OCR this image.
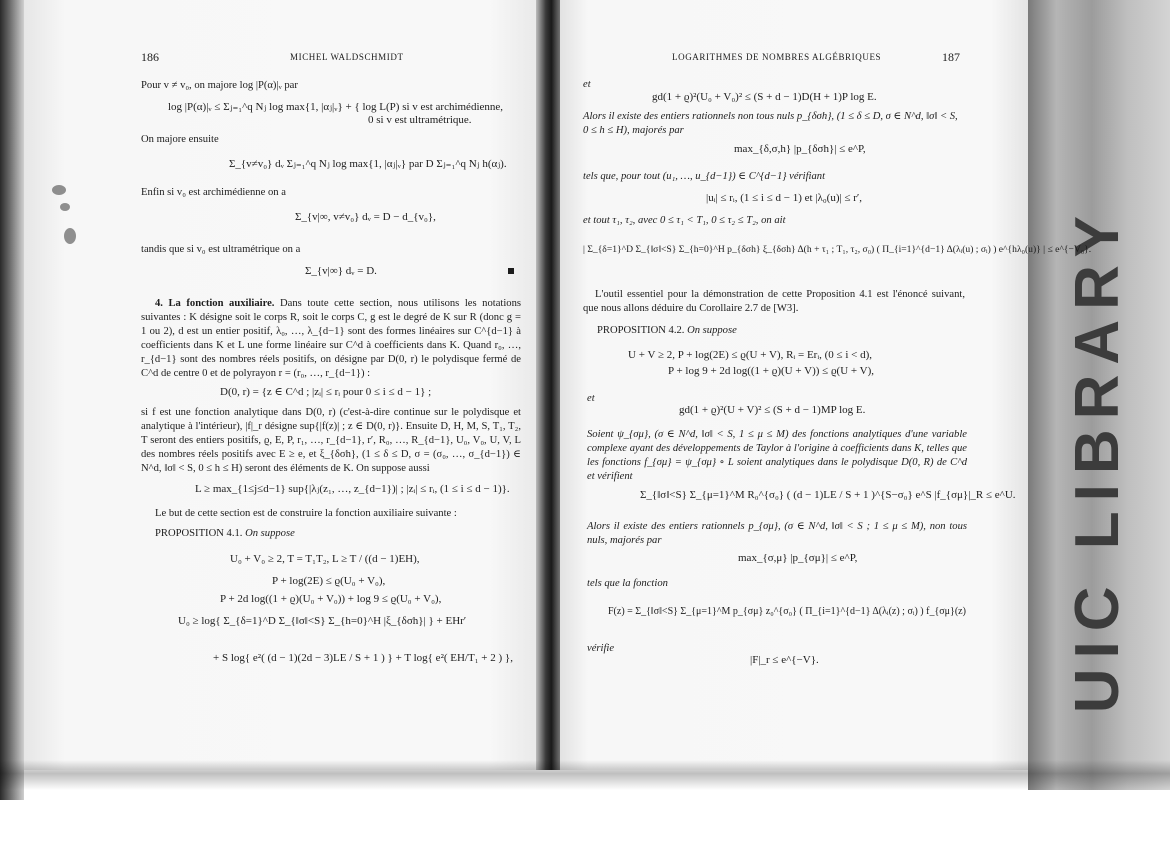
UIC LIBRARY
186	MICHEL WALDSCHMIDT
Pour v ≠ v₀, on majore log |P(α)|ᵥ par
log |P(α)|ᵥ ≤ Σⱼ₌₁^q Nⱼ log max{1, |αⱼ|ᵥ} + { log L(P) si v est archimédienne,
0 si v est ultramétrique.
On majore ensuite
Σ_{v≠v₀} dᵥ Σⱼ₌₁^q Nⱼ log max{1, |αⱼ|ᵥ} par D Σⱼ₌₁^q Nⱼ h(αⱼ).
Enfin si v₀ est archimédienne on a
Σ_{v|∞, v≠v₀} dᵥ = D − d_{v₀},
tandis que si v₀ est ultramétrique on a
Σ_{v|∞} dᵥ = D.
4. La fonction auxiliaire. Dans toute cette section, nous utilisons les notations suivantes : K désigne soit le corps R, soit le corps C, g est le degré de K sur R (donc g = 1 ou 2), d est un entier positif, λ₀, …, λ_{d−1} sont des formes linéaires sur C^{d−1} à coefficients dans K et L une forme linéaire sur C^d à coefficients dans K. Quand r₀, …, r_{d−1} sont des nombres réels positifs, on désigne par D(0, r) le polydisque fermé de C^d de centre 0 et de polyrayon r = (r₀, …, r_{d−1}) :
D(0, r) = {z ∈ C^d ; |zᵢ| ≤ rᵢ pour 0 ≤ i ≤ d − 1} ;
si f est une fonction analytique dans D(0, r) (c'est-à-dire continue sur le polydisque et analytique à l'intérieur), |f|_r désigne sup{|f(z)| ; z ∈ D(0, r)}. Ensuite D, H, M, S, T₁, T₂, T seront des entiers positifs, ϱ, E, P, r₁, …, r_{d−1}, r′, R₀, …, R_{d−1}, U₀, V₀, U, V, L des nombres réels positifs avec E ≥ e, et ξ_{δσh}, (1 ≤ δ ≤ D, σ = (σ₀, …, σ_{d−1}) ∈ N^d, ‖σ‖ < S, 0 ≤ h ≤ H) seront des éléments de K. On suppose aussi
L ≥ max_{1≤j≤d−1} sup{|λⱼ(z₁, …, z_{d−1})| ; |zᵢ| ≤ rᵢ, (1 ≤ i ≤ d − 1)}.
Le but de cette section est de construire la fonction auxiliaire suivante :
PROPOSITION 4.1. On suppose
U₀ + V₀ ≥ 2, T = T₁T₂, L ≥ T / ((d − 1)EH),
P + log(2E) ≤ ϱ(U₀ + V₀),
P + 2d log((1 + ϱ)(U₀ + V₀)) + log 9 ≤ ϱ(U₀ + V₀),
U₀ ≥ log{ Σ_{δ=1}^D Σ_{‖σ‖<S} Σ_{h=0}^H |ξ_{δσh}| } + EHr′
+ S log{ e²( (d − 1)(2d − 3)LE / S + 1 ) } + T log{ e²( EH/T₁ + 2 ) },
LOGARITHMES DE NOMBRES ALGÉBRIQUES	187
et
gd(1 + ϱ)²(U₀ + V₀)² ≤ (S + d − 1)D(H + 1)P log E.
Alors il existe des entiers rationnels non tous nuls p_{δσh}, (1 ≤ δ ≤ D, σ ∈ N^d, ‖σ‖ < S,
0 ≤ h ≤ H), majorés par
max_{δ,σ,h} |p_{δσh}| ≤ e^P,
tels que, pour tout (u₁, …, u_{d−1}) ∈ C^{d−1} vérifiant
|uᵢ| ≤ rᵢ, (1 ≤ i ≤ d − 1) et |λ₀(u)| ≤ r′,
et tout τ₁, τ₂, avec 0 ≤ τ₁ < T₁, 0 ≤ τ₂ ≤ T₂, on ait
| Σ_{δ=1}^D Σ_{‖σ‖<S} Σ_{h=0}^H p_{δσh} ξ_{δσh} Δ(h + τ₁ ; T₁, τ₂, σ₀) ( Π_{i=1}^{d−1} Δ(λᵢ(u) ; σᵢ) ) e^{hλ₀(u)} | ≤ e^{−V₀}.
L'outil essentiel pour la démonstration de cette Proposition 4.1 est l'énoncé suivant, que nous allons déduire du Corollaire 2.7 de [W3].
PROPOSITION 4.2. On suppose
U + V ≥ 2, P + log(2E) ≤ ϱ(U + V), Rᵢ = Erᵢ, (0 ≤ i < d),
P + log 9 + 2d log((1 + ϱ)(U + V)) ≤ ϱ(U + V),
et
gd(1 + ϱ)²(U + V)² ≤ (S + d − 1)MP log E.
Soient ψ_{σμ}, (σ ∈ N^d, ‖σ‖ < S, 1 ≤ μ ≤ M) des fonctions analytiques d'une variable complexe ayant des développements de Taylor à l'origine à coefficients dans K, telles que les fonctions f_{σμ} = ψ_{σμ} ∘ L soient analytiques dans le polydisque D(0, R) de C^d et vérifient
Σ_{‖σ‖<S} Σ_{μ=1}^M R₀^{σ₀} ( (d − 1)LE / S + 1 )^{S−σ₀} e^S |f_{σμ}|_R ≤ e^U.
Alors il existe des entiers rationnels p_{σμ}, (σ ∈ N^d, ‖σ‖ < S ; 1 ≤ μ ≤ M), non tous nuls, majorés par
max_{σ,μ} |p_{σμ}| ≤ e^P,
tels que la fonction
F(z) = Σ_{‖σ‖<S} Σ_{μ=1}^M p_{σμ} z₀^{σ₀} ( Π_{i=1}^{d−1} Δ(λᵢ(z) ; σᵢ) ) f_{σμ}(z)
vérifie
|F|_r ≤ e^{−V}.
